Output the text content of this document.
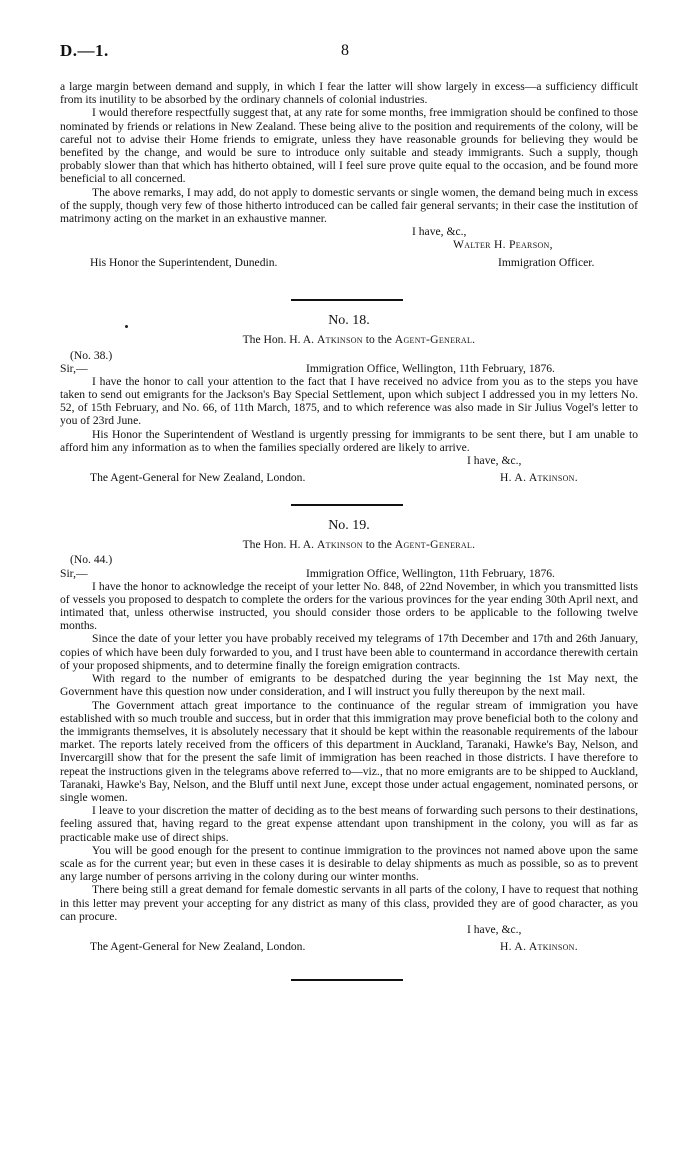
D.—1.	8

a large margin between demand and supply, in which I fear the latter will show largely in excess—a sufficiency difficult from its inutility to be absorbed by the ordinary channels of colonial industries.

I would therefore respectfully suggest that, at any rate for some months, free immigration should be confined to those nominated by friends or relations in New Zealand. These being alive to the position and requirements of the colony, will be careful not to advise their Home friends to emigrate, unless they have reasonable grounds for believing they would be benefited by the change, and would be sure to introduce only suitable and steady immigrants. Such a supply, though probably slower than that which has hitherto obtained, will I feel sure prove quite equal to the occasion, and be found more beneficial to all concerned.

The above remarks, I may add, do not apply to domestic servants or single women, the demand being much in excess of the supply, though very few of those hitherto introduced can be called fair general servants; in their case the institution of matrimony acting on the market in an exhaustive manner.

I have, &c.,
Walter H. Pearson,
His Honor the Superintendent, Dunedin.	Immigration Officer.
No. 18.
The Hon. H. A. Atkinson to the Agent-General.
(No. 38.)
Sir,—	Immigration Office, Wellington, 11th February, 1876.

I have the honor to call your attention to the fact that I have received no advice from you as to the steps you have taken to send out emigrants for the Jackson's Bay Special Settlement, upon which subject I addressed you in my letters No. 52, of 15th February, and No. 66, of 11th March, 1875, and to which reference was also made in Sir Julius Vogel's letter to you of 23rd June.

His Honor the Superintendent of Westland is urgently pressing for immigrants to be sent there, but I am unable to afford him any information as to when the families specially ordered are likely to arrive.

I have, &c.,
The Agent-General for New Zealand, London.	H. A. Atkinson.
No. 19.
The Hon. H. A. Atkinson to the Agent-General.
(No. 44.)
Sir,—	Immigration Office, Wellington, 11th February, 1876.

I have the honor to acknowledge the receipt of your letter No. 848, of 22nd November, in which you transmitted lists of vessels you proposed to despatch to complete the orders for the various provinces for the year ending 30th April next, and intimated that, unless otherwise instructed, you should consider those orders to be applicable to the following twelve months.

Since the date of your letter you have probably received my telegrams of 17th December and 17th and 26th January, copies of which have been duly forwarded to you, and I trust have been able to countermand in accordance therewith certain of your proposed shipments, and to determine finally the foreign emigration contracts.

With regard to the number of emigrants to be despatched during the year beginning the 1st May next, the Government have this question now under consideration, and I will instruct you fully thereupon by the next mail.

The Government attach great importance to the continuance of the regular stream of immigration you have established with so much trouble and success, but in order that this immigration may prove beneficial both to the colony and the immigrants themselves, it is absolutely necessary that it should be kept within the reasonable requirements of the labour market. The reports lately received from the officers of this department in Auckland, Taranaki, Hawke's Bay, Nelson, and Invercargill show that for the present the safe limit of immigration has been reached in those districts. I have therefore to repeat the instructions given in the telegrams above referred to—viz., that no more emigrants are to be shipped to Auckland, Taranaki, Hawke's Bay, Nelson, and the Bluff until next June, except those under actual engagement, nominated persons, or single women.

I leave to your discretion the matter of deciding as to the best means of forwarding such persons to their destinations, feeling assured that, having regard to the great expense attendant upon transhipment in the colony, you will as far as practicable make use of direct ships.

You will be good enough for the present to continue immigration to the provinces not named above upon the same scale as for the current year; but even in these cases it is desirable to delay shipments as much as possible, so as to prevent any large number of persons arriving in the colony during our winter months.

There being still a great demand for female domestic servants in all parts of the colony, I have to request that nothing in this letter may prevent your accepting for any district as many of this class, provided they are of good character, as you can procure.

I have, &c.,
The Agent-General for New Zealand, London.	H. A. Atkinson.
